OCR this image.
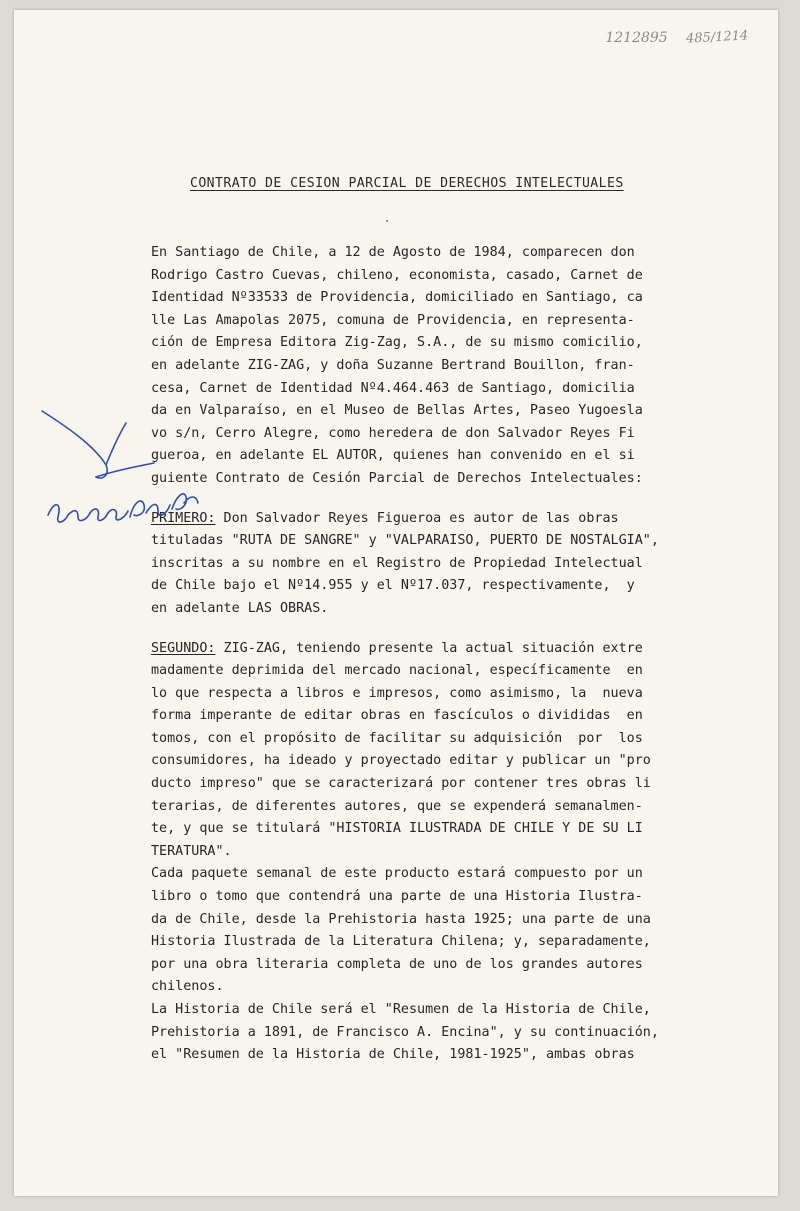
1212895 485/1214
CONTRATO DE CESION PARCIAL DE DERECHOS INTELECTUALES
En Santiago de Chile, a 12 de Agosto de 1984, comparecen don
Rodrigo Castro Cuevas, chileno, economista, casado, Carnet de
Identidad Nº33533 de Providencia, domiciliado en Santiago, ca
lle Las Amapolas 2075, comuna de Providencia, en representa-
ción de Empresa Editora Zig-Zag, S.A., de su mismo comicilio,
en adelante ZIG-ZAG, y doña Suzanne Bertrand Bouillon, fran-
cesa, Carnet de Identidad Nº4.464.463 de Santiago, domicilia
da en Valparaíso, en el Museo de Bellas Artes, Paseo Yugoesla
vo s/n, Cerro Alegre, como heredera de don Salvador Reyes Fi
gueroa, en adelante EL AUTOR, quienes han convenido en el si
guiente Contrato de Cesión Parcial de Derechos Intelectuales:
PRIMERO: Don Salvador Reyes Figueroa es autor de las obras
tituladas "RUTA DE SANGRE" y "VALPARAISO, PUERTO DE NOSTALGIA",
inscritas a su nombre en el Registro de Propiedad Intelectual
de Chile bajo el Nº14.955 y el Nº17.037, respectivamente,  y
en adelante LAS OBRAS.
SEGUNDO: ZIG-ZAG, teniendo presente la actual situación extre
madamente deprimida del mercado nacional, específicamente  en
lo que respecta a libros e impresos, como asimismo, la  nueva
forma imperante de editar obras en fascículos o divididas  en
tomos, con el propósito de facilitar su adquisición  por  los
consumidores, ha ideado y proyectado editar y publicar un "pro
ducto impreso" que se caracterizará por contener tres obras li
terarias, de diferentes autores, que se expenderá semanalmen-
te, y que se titulará "HISTORIA ILUSTRADA DE CHILE Y DE SU LI
TERATURA".
Cada paquete semanal de este producto estará compuesto por un
libro o tomo que contendrá una parte de una Historia Ilustra-
da de Chile, desde la Prehistoria hasta 1925; una parte de una
Historia Ilustrada de la Literatura Chilena; y, separadamente,
por una obra literaria completa de uno de los grandes autores
chilenos.
La Historia de Chile será el "Resumen de la Historia de Chile,
Prehistoria a 1891, de Francisco A. Encina", y su continuación,
el "Resumen de la Historia de Chile, 1981-1925", ambas obras
